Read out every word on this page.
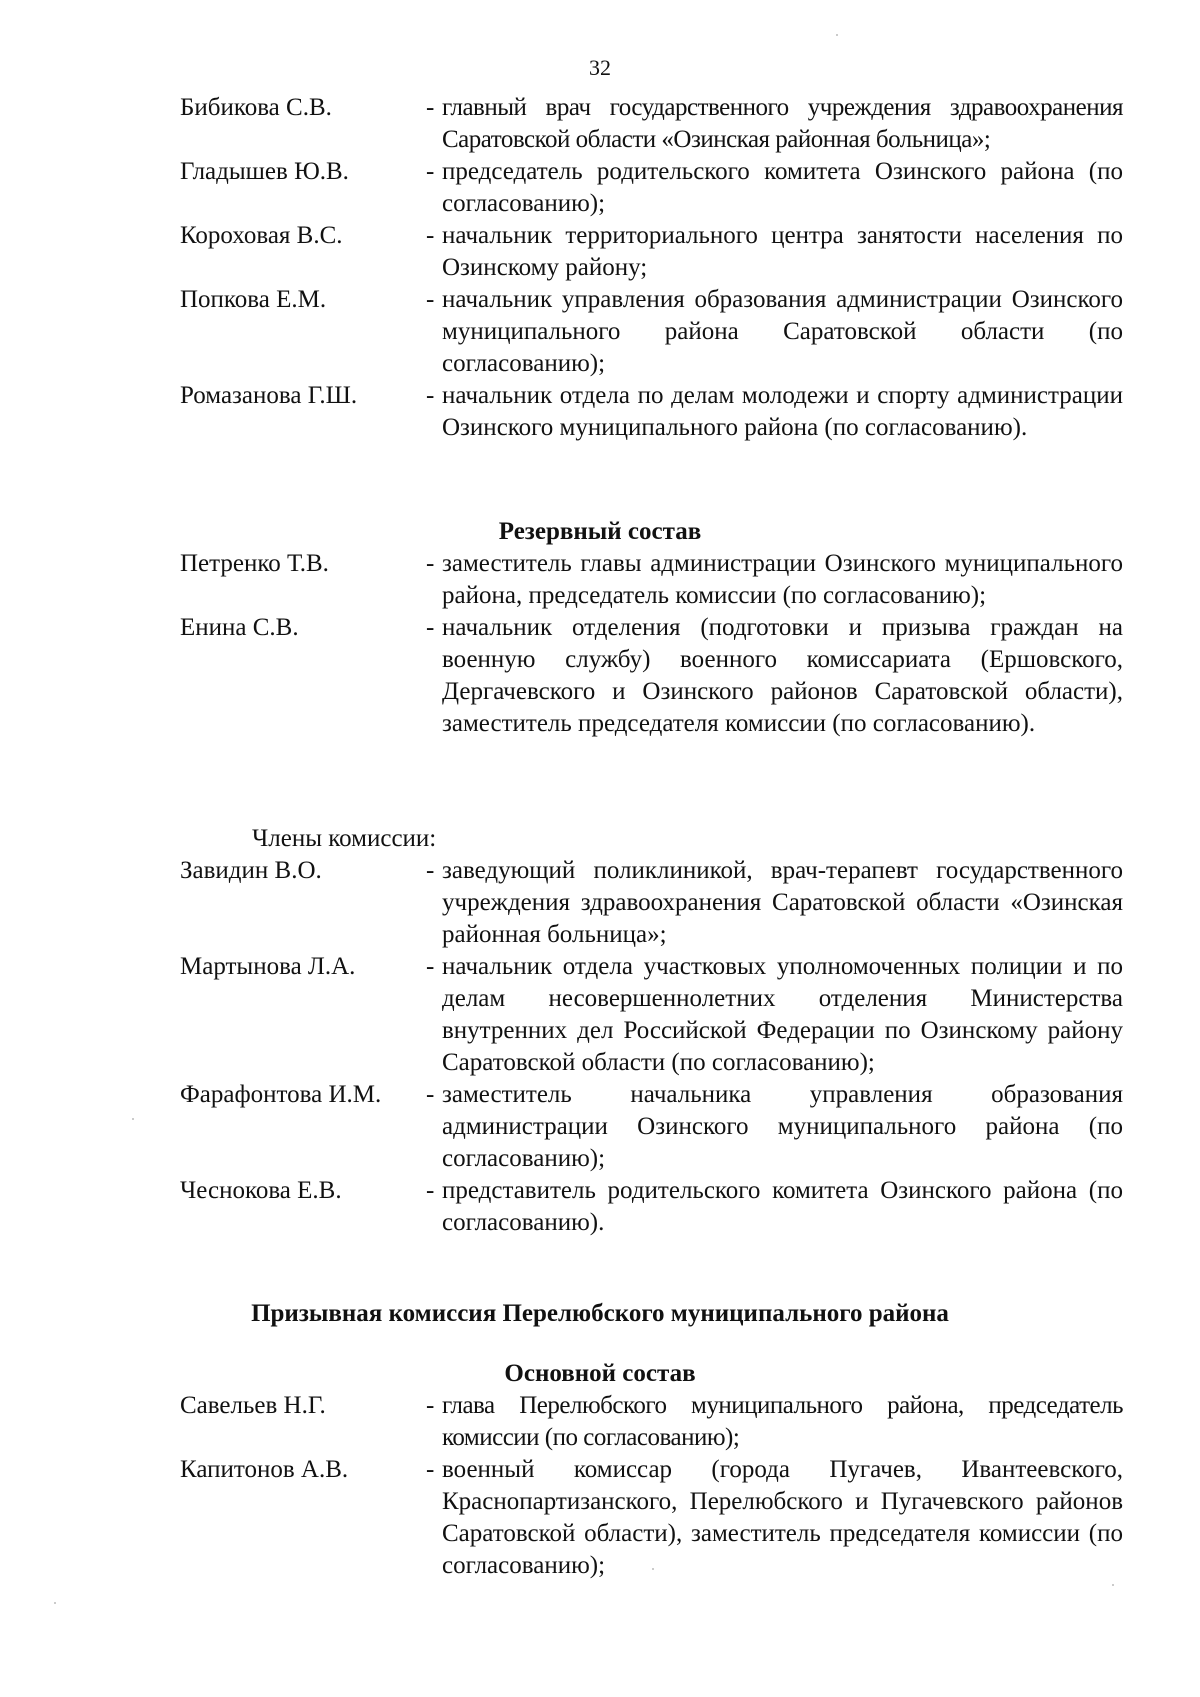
32
Бибикова С.В.	- главный врач государственного учреждения здравоохранения Саратовской области «Озинская районная больница»;
Гладышев Ю.В.	- председатель родительского комитета Озинского района (по согласованию);
Короховая В.С.	- начальник территориального центра занятости населения по Озинскому району;
Попкова Е.М.	- начальник управления образования администрации Озинского муниципального района Саратовской области (по согласованию);
Ромазанова Г.Ш.	- начальник отдела по делам молодежи и спорту администрации Озинского муниципального района (по согласованию).
Резервный состав
Петренко Т.В.	- заместитель главы администрации Озинского муниципального района, председатель комиссии (по согласованию);
Енина С.В.	- начальник отделения (подготовки и призыва граждан на военную службу) военного комиссариата (Ершовского, Дергачевского и Озинского районов Саратовской области), заместитель председателя комиссии (по согласованию).
Члены комиссии:
Завидин В.О.	- заведующий поликлиникой, врач-терапевт государственного учреждения здравоохранения Саратовской области «Озинская районная больница»;
Мартынова Л.А.	- начальник отдела участковых уполномоченных полиции и по делам несовершеннолетних отделения Министерства внутренних дел Российской Федерации по Озинскому району Саратовской области (по согласованию);
Фарафонтова И.М.	- заместитель начальника управления образования администрации Озинского муниципального района (по согласованию);
Чеснокова Е.В.	- представитель родительского комитета Озинского района (по согласованию).
Призывная комиссия Перелюбского муниципального района
Основной состав
Савельев Н.Г.	- глава Перелюбского муниципального района, председатель комиссии (по согласованию);
Капитонов А.В.	- военный комиссар (города Пугачев, Ивантеевского, Краснопартизанского, Перелюбского и Пугачевского районов Саратовской области), заместитель председателя комиссии (по согласованию);
